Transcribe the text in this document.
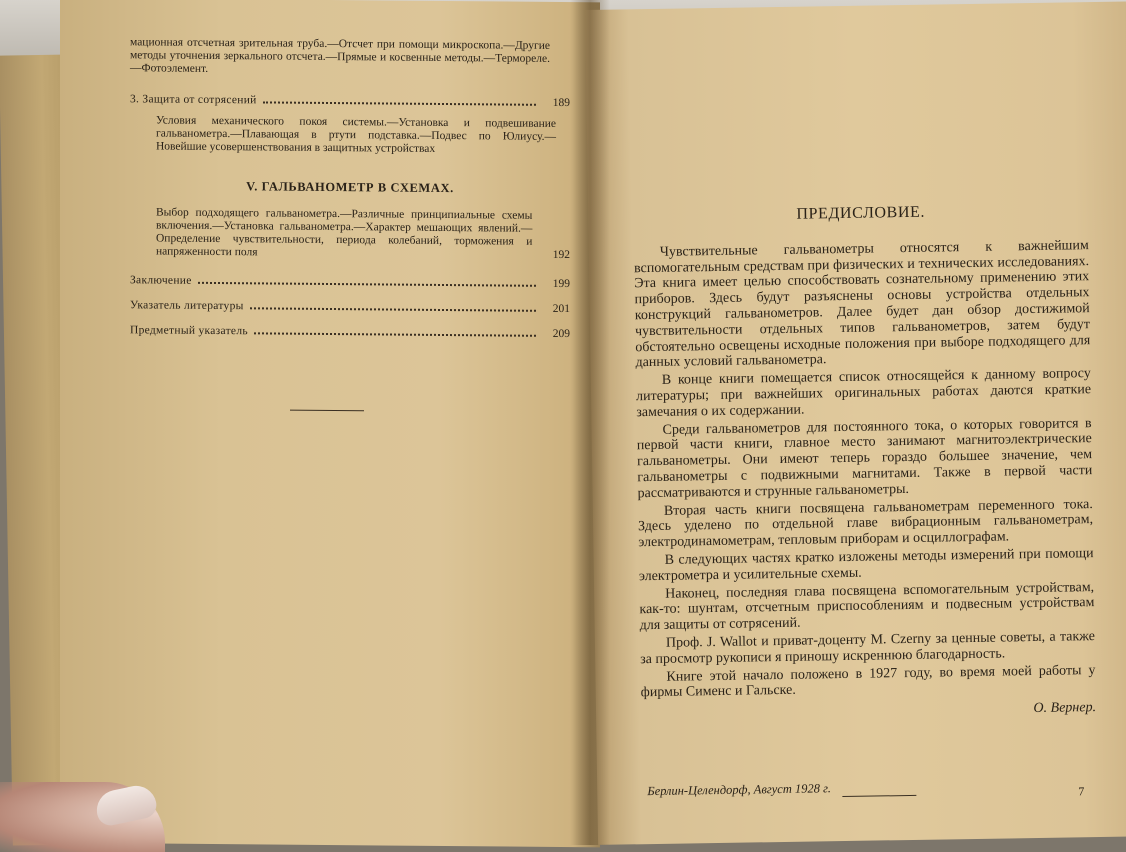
мационная отсчетная зрительная труба.—Отсчет при помощи микроскопа.—Другие методы уточнения зеркального отсчета.—Прямые и косвенные методы.—Термореле.—Фотоэлемент.
3. Защита от сотрясений	189
Условия механического покоя системы.—Установка и подвешивание гальванометра.—Плавающая в ртути подставка.—Подвес по Юлиусу.—Новейшие усовершенствования в защитных устройствах
V. ГАЛЬВАНОМЕТР В СХЕМАХ.
Выбор подходящего гальванометра.—Различные принципиальные схемы включения.—Установка гальванометра.—Характер мешающих явлений.—Определение чувствительности, периода колебаний, торможения и напряженности поля	192
Заключение	199
Указатель литературы	201
Предметный указатель	209
ПРЕДИСЛОВИЕ.

Чувствительные гальванометры относятся к важнейшим вспомогательным средствам при физических и технических исследованиях. Эта книга имеет целью способствовать сознательному применению этих приборов. Здесь будут разъяснены основы устройства отдельных конструкций гальванометров. Далее будет дан обзор достижимой чувствительности отдельных типов гальванометров, затем будут обстоятельно освещены исходные положения при выборе подходящего для данных условий гальванометра.

В конце книги помещается список относящейся к данному вопросу литературы; при важнейших оригинальных работах даются краткие замечания о их содержании.

Среди гальванометров для постоянного тока, о которых говорится в первой части книги, главное место занимают магнитоэлектрические гальванометры. Они имеют теперь гораздо большее значение, чем гальванометры с подвижными магнитами. Также в первой части рассматриваются и струнные гальванометры.

Вторая часть книги посвящена гальванометрам переменного тока. Здесь уделено по отдельной главе вибрационным гальванометрам, электродинамометрам, тепловым приборам и осциллографам.

В следующих частях кратко изложены методы измерений при помощи электрометра и усилительные схемы.

Наконец, последняя глава посвящена вспомогательным устройствам, как-то: шунтам, отсчетным приспособлениям и подвесным устройствам для защиты от сотрясений.

Проф. J. Wallot и приват-доценту M. Czerny за ценные советы, а также за просмотр рукописи я приношу искреннюю благодарность.

Книге этой начало положено в 1927 году, во время моей работы у фирмы Сименс и Гальске.

О. Вернер.
Берлин-Целендорф, Август 1928 г.	7
